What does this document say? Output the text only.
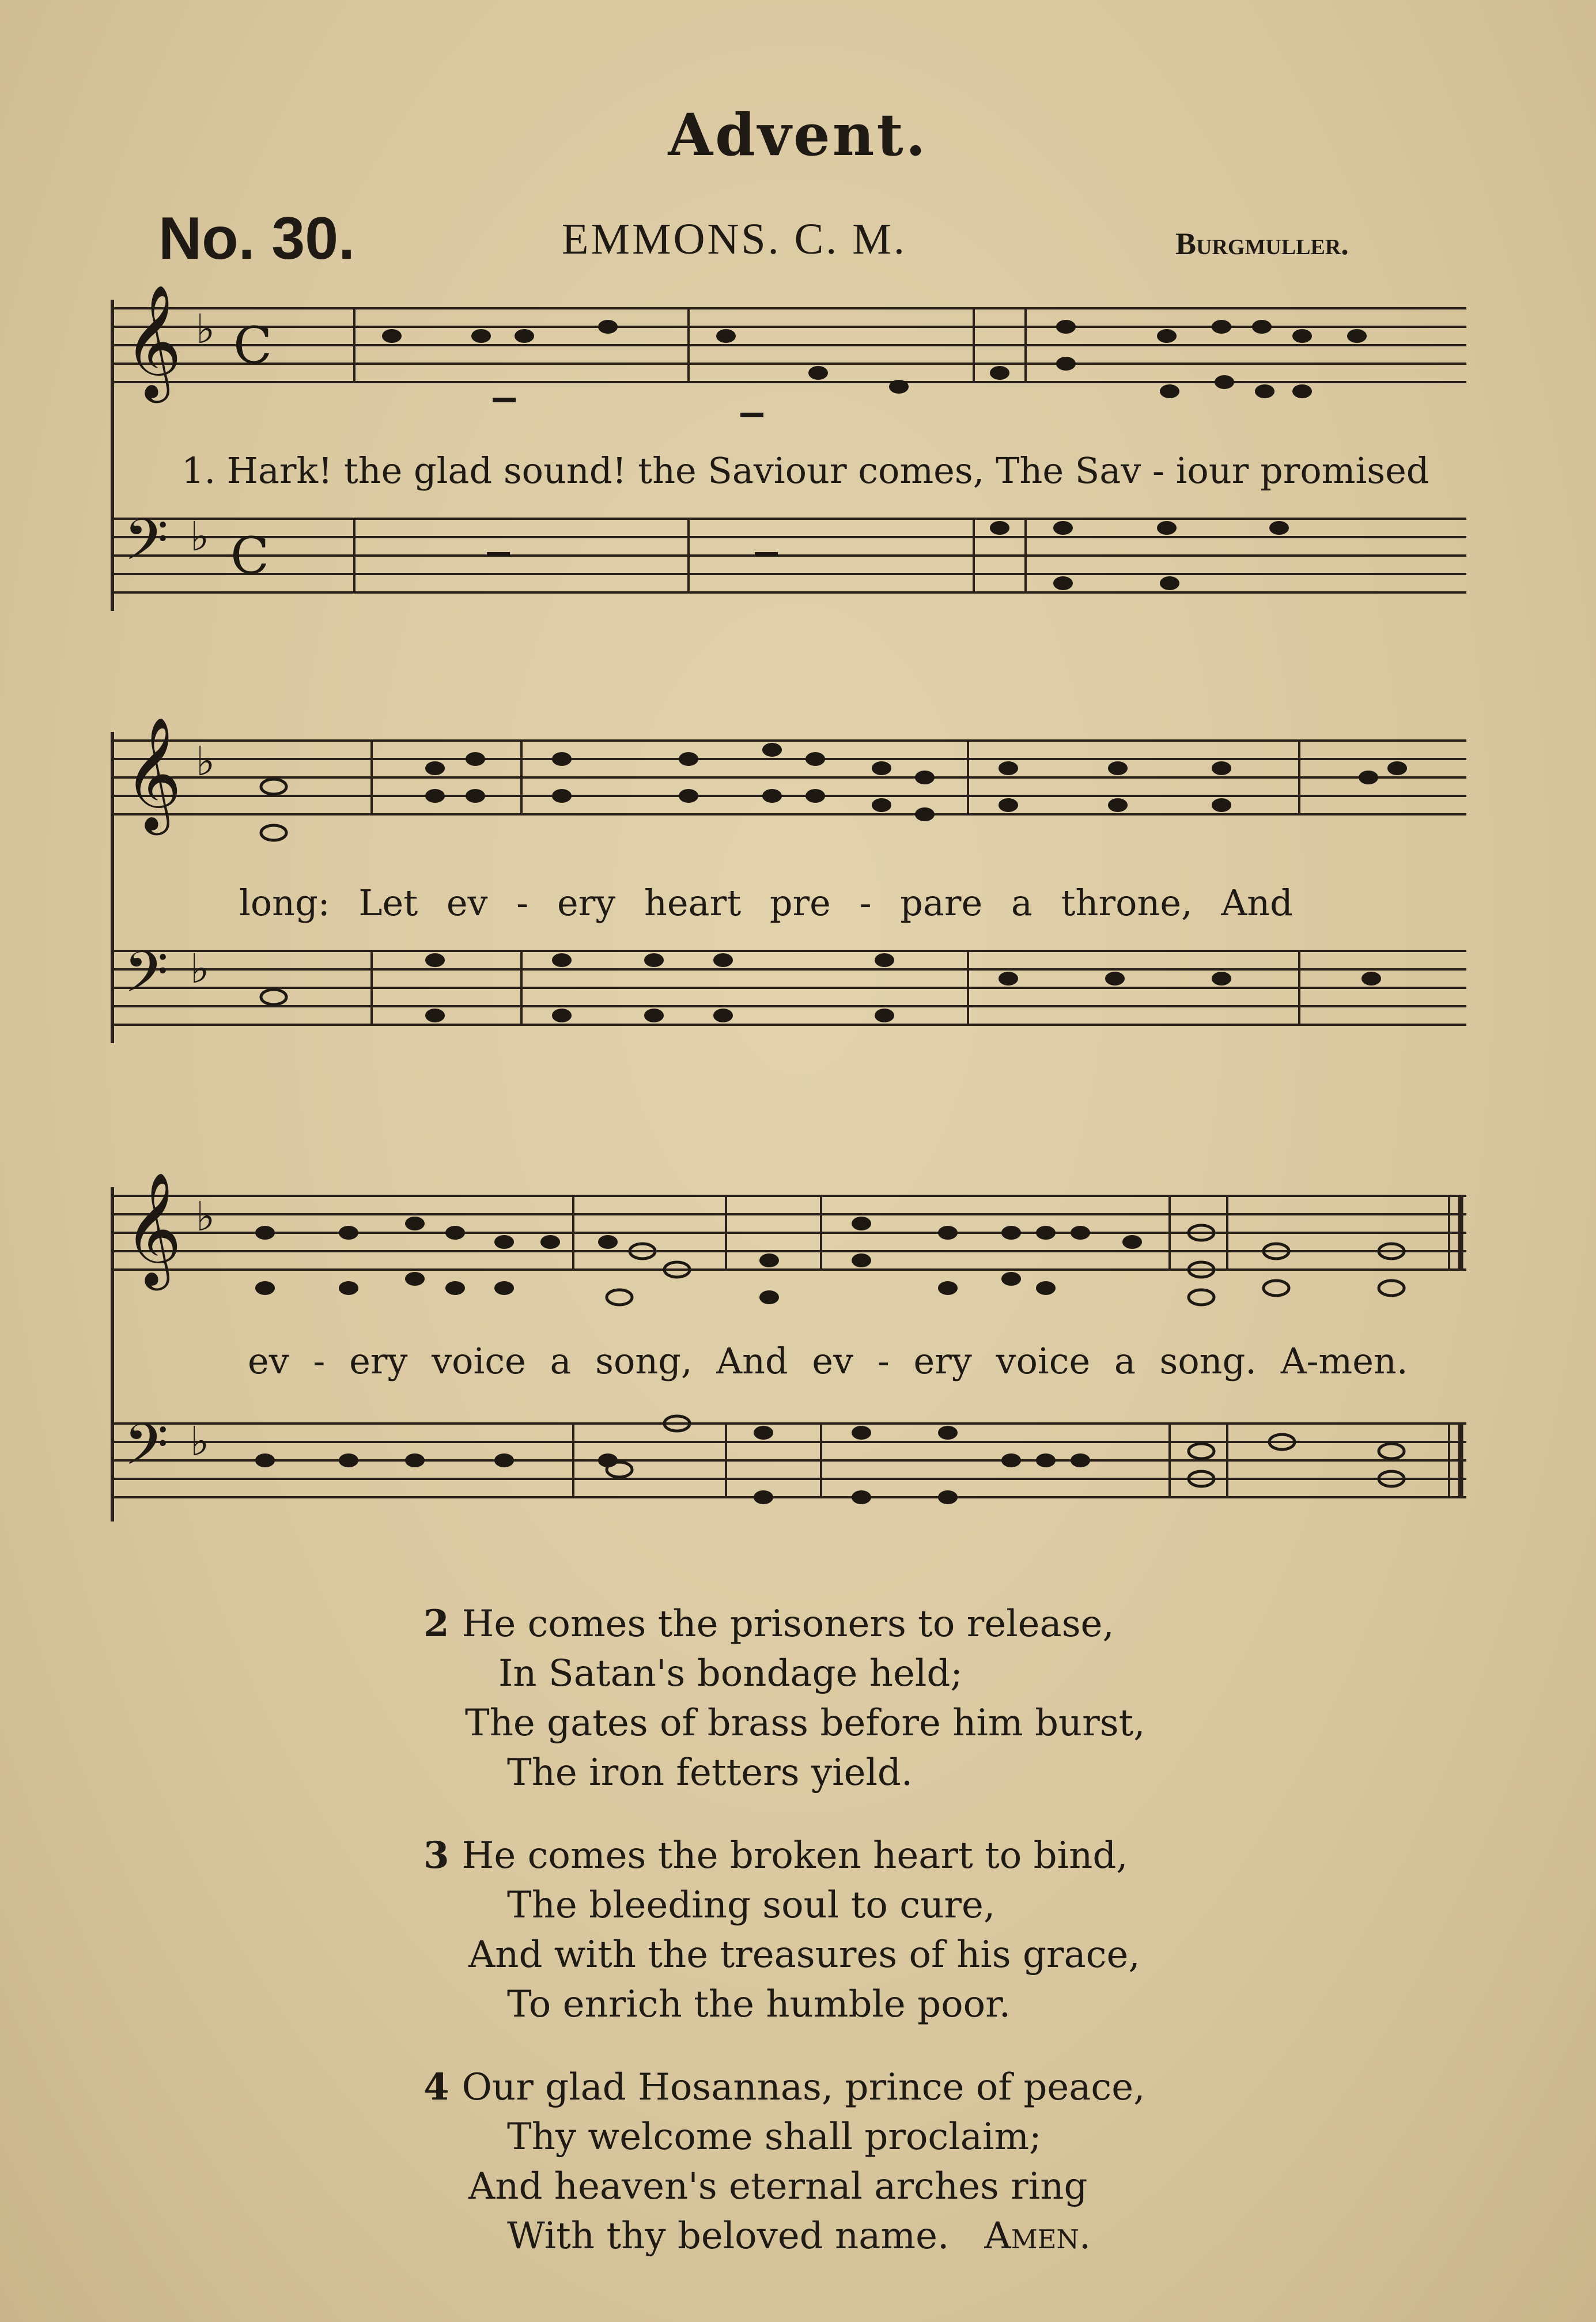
Advent.
No. 30.	EMMONS. C. M.	Burgmuller.
𝄞
𝄢
♭
♭
C
C
1. Hark! the glad sound! the Saviour comes, The Sav - iour promised
𝄞
𝄢
♭
♭
long: Let ev - ery heart pre - pare a throne, And
𝄞
𝄢
♭
♭
ev - ery voice a song, And ev - ery voice a song. A-men.
2 He comes the prisoners to release,
In Satan's bondage held;
The gates of brass before him burst,
The iron fetters yield.
3 He comes the broken heart to bind,
The bleeding soul to cure,
And with the treasures of his grace,
To enrich the humble poor.
4 Our glad Hosannas, prince of peace,
Thy welcome shall proclaim;
And heaven's eternal arches ring
With thy beloved name. Amen.
